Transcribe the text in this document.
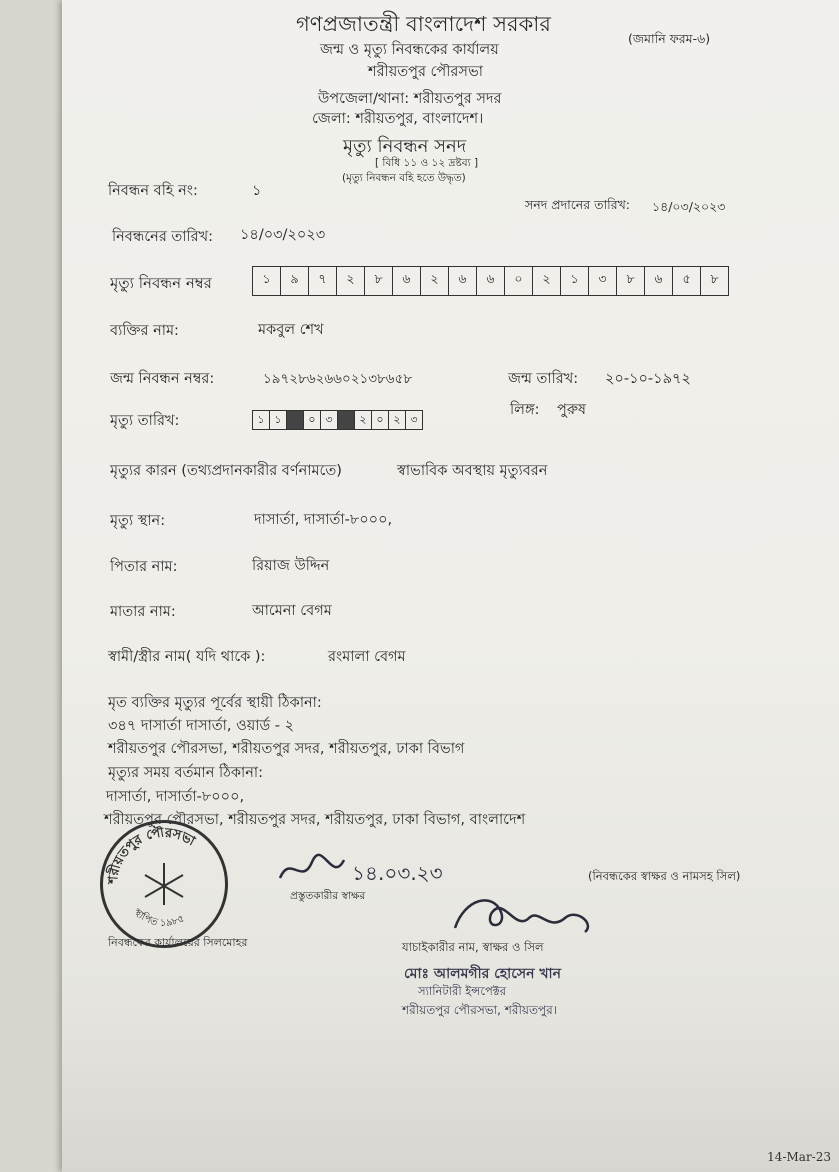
গণপ্রজাতন্ত্রী বাংলাদেশ সরকার
জন্ম ও মৃত্যু নিবন্ধকের কার্যালয়
শরীয়তপুর পৌরসভা
উপজেলা/থানা: শরীয়তপুর সদর
জেলা: শরীয়তপুর, বাংলাদেশ।
মৃত্যু নিবন্ধন সনদ
[ বিধি ১১ ও ১২ দ্রষ্টব্য ]
(মৃত্যু নিবন্ধন বহি হতে উদ্ধৃত)
(জমানি ফরম-৬)
নিবন্ধন বহি নং:	১
সনদ প্রদানের তারিখ: ১৪/০৩/২০২৩
নিবন্ধনের তারিখ: ১৪/০৩/২০২৩
মৃত্যু নিবন্ধন নম্বর	১	৯	৭	২	৮	৬	২	৬	৬	০	২	১	৩	৮	৬	৫	৮
ব্যক্তির নাম:	মকবুল শেখ
জন্ম নিবন্ধন নম্বর:	১৯৭২৮৬২৬৬০২১৩৮৬৫৮	জন্ম তারিখ: ২০-১০-১৯৭২
মৃত্যু তারিখ:	১ ১	০ ৩	২ ০ ২ ৩
লিঙ্গ: পুরুষ
মৃত্যুর কারন (তথ্যপ্রদানকারীর বর্ণনামতে)	স্বাভাবিক অবস্থায় মৃত্যুবরন
মৃত্যু স্থান:	দাসার্তা, দাসার্তা-৮০০০,
পিতার নাম:	রিয়াজ উদ্দিন
মাতার নাম:	আমেনা বেগম
স্বামী/স্ত্রীর নাম( যদি থাকে ):	রংমালা বেগম
মৃত ব্যক্তির মৃত্যুর পূর্বের স্থায়ী ঠিকানা:
৩৪৭ দাসার্তা দাসার্তা, ওয়ার্ড - ২
শরীয়তপুর পৌরসভা, শরীয়তপুর সদর, শরীয়তপুর, ঢাকা বিভাগ
মৃত্যুর সময় বর্তমান ঠিকানা:
দাসার্তা, দাসার্তা-৮০০০,
শরীয়তপুর পৌরসভা, শরীয়তপুর সদর, শরীয়তপুর, ঢাকা বিভাগ, বাংলাদেশ
শরীয়তপুর পৌরসভা
স্থাপিত ১৯৮৫
নিবন্ধকের কার্যালয়ের সিলমোহর
১৪.০৩.২৩
প্রস্তুতকারীর স্বাক্ষর
(নিবন্ধকের স্বাক্ষর ও নামসহ সিল)
যাচাইকারীর নাম, স্বাক্ষর ও সিল
মোঃ আলমগীর হোসেন খান
স্যানিটারী ইন্সপেক্টর
শরীয়তপুর পৌরসভা, শরীয়তপুর।
14-Mar-23
